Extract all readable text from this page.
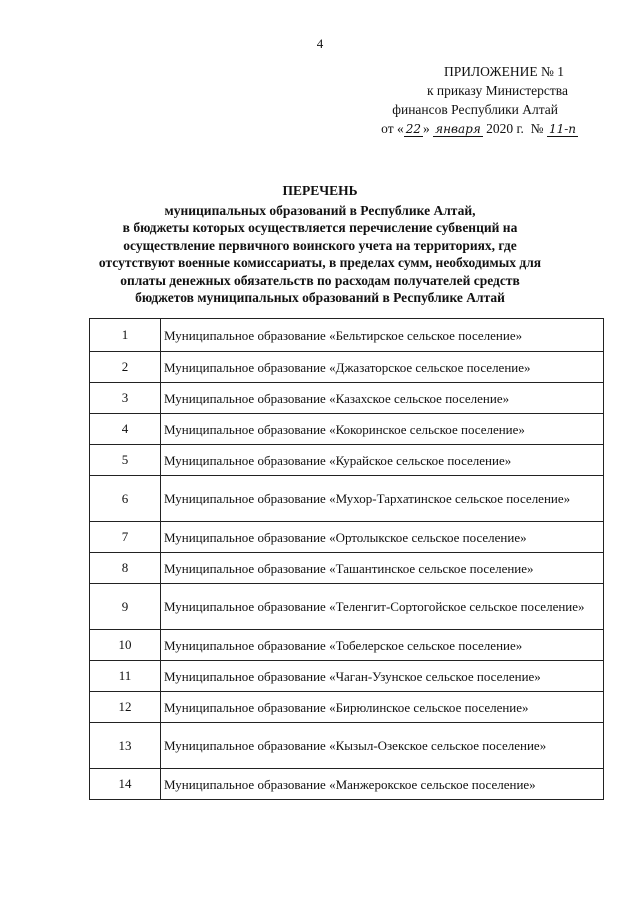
4
ПРИЛОЖЕНИЕ № 1
к приказу Министерства
финансов Республики Алтай
от « 22 » января 2020 г. № 11-п
ПЕРЕЧЕНЬ
муниципальных образований в Республике Алтай,
в бюджеты которых осуществляется перечисление субвенций на
осуществление первичного воинского учета на территориях, где
отсутствуют военные комиссариаты, в пределах сумм, необходимых для
оплаты денежных обязательств по расходам получателей средств
бюджетов муниципальных образований в Республике Алтай
1	Муниципальное образование «Бельтирское сельское поселение»
2	Муниципальное образование «Джазаторское сельское поселение»
3	Муниципальное образование «Казахское сельское поселение»
4	Муниципальное образование «Кокоринское сельское поселение»
5	Муниципальное образование «Курайское сельское поселение»
6	Муниципальное образование «Мухор-Тархатинское сельское поселение»
7	Муниципальное образование «Ортолыкское сельское поселение»
8	Муниципальное образование «Ташантинское сельское поселение»
9	Муниципальное образование «Теленгит-Сортогойское сельское поселение»
10	Муниципальное образование «Тобелерское сельское поселение»
11	Муниципальное образование «Чаган-Узунское сельское поселение»
12	Муниципальное образование «Бирюлинское сельское поселение»
13	Муниципальное образование «Кызыл-Озекское сельское поселение»
14	Муниципальное образование «Манжерокское сельское поселение»
